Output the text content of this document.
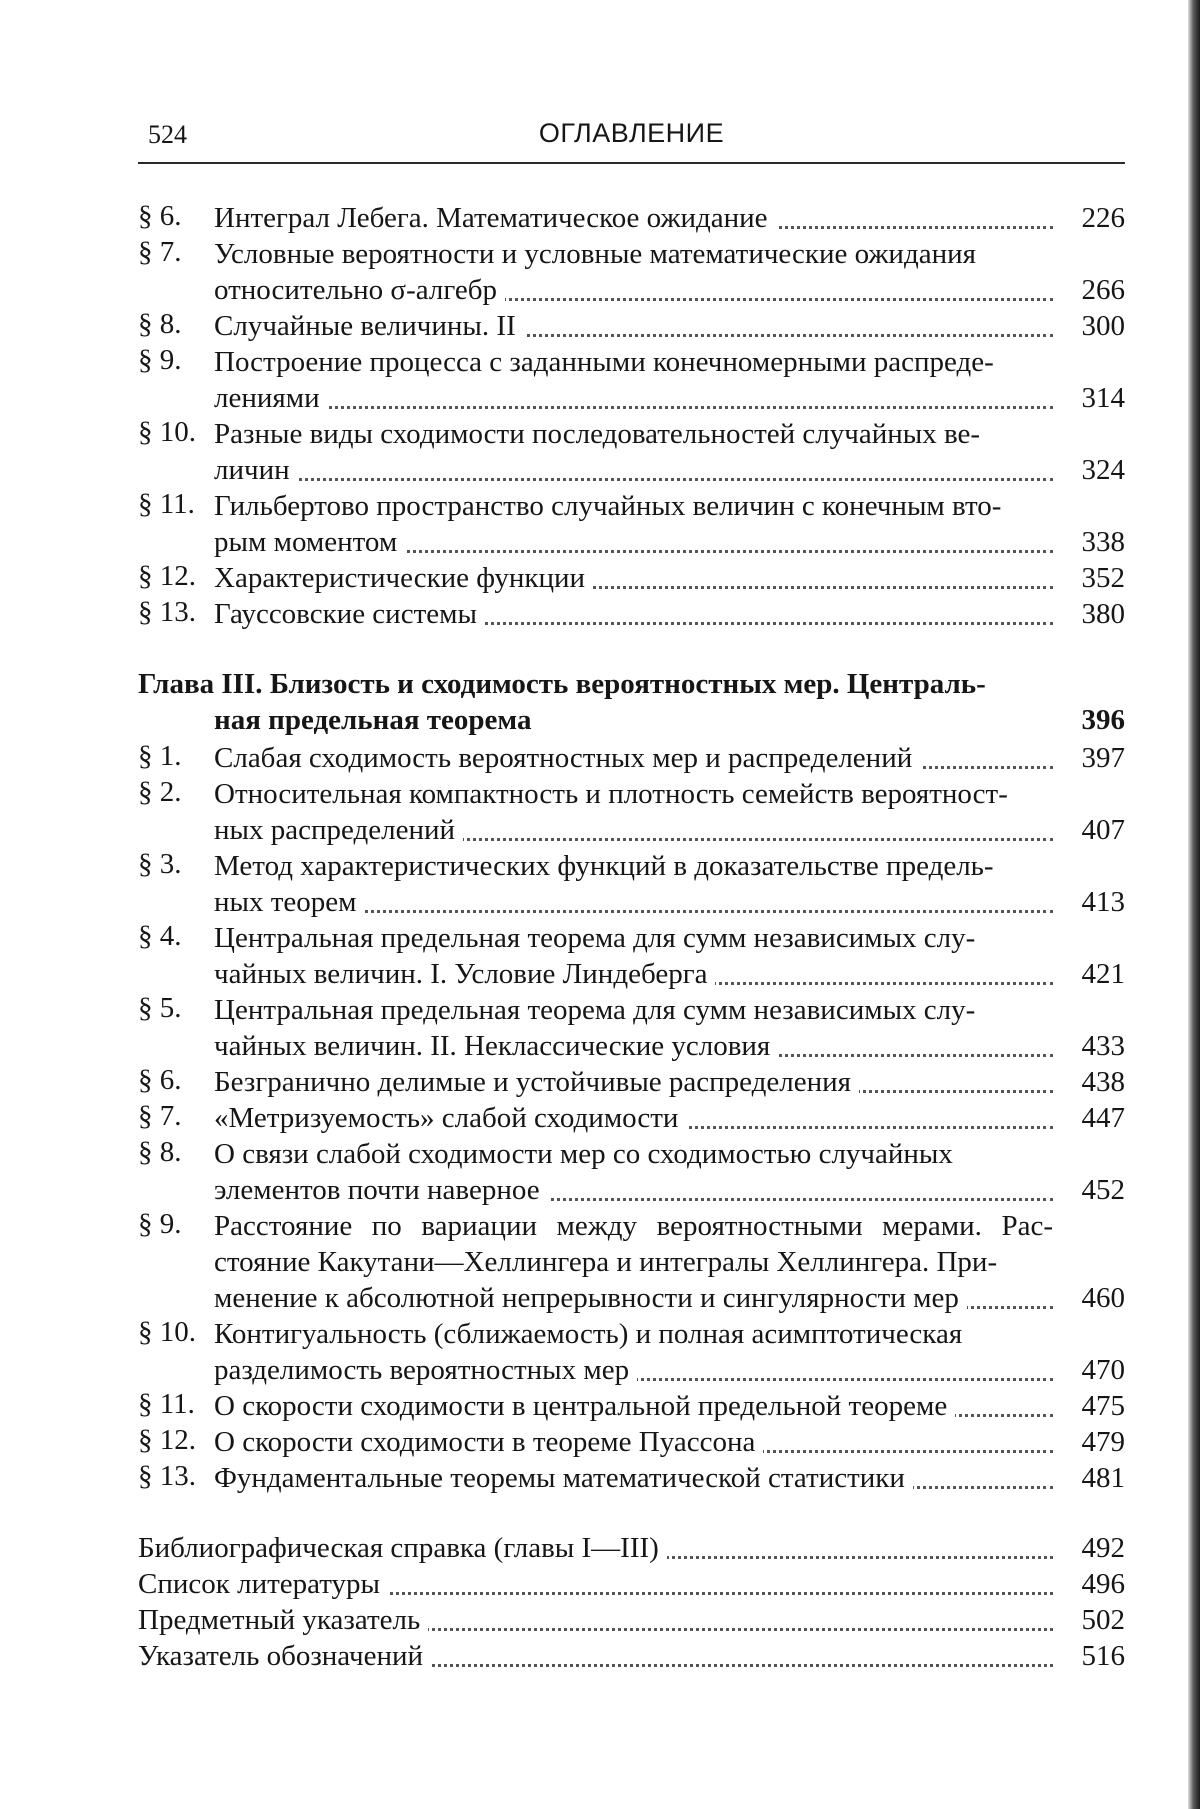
524	ОГЛАВЛЕНИЕ
§ 6. Интеграл Лебега. Математическое ожидание	226
§ 7. Условные вероятности и условные математические ожидания
относительно σ-алгебр	266
§ 8. Случайные величины. II	300
§ 9. Построение процесса с заданными конечномерными распреде-
лениями	314
§ 10. Разные виды сходимости последовательностей случайных ве-
личин	324
§ 11. Гильбертово пространство случайных величин с конечным вто-
рым моментом	338
§ 12. Характеристические функции	352
§ 13. Гауссовские системы	380
Глава III. Близость и сходимость вероятностных мер. Централь-
ная предельная теорема	396
§ 1. Слабая сходимость вероятностных мер и распределений	397
§ 2. Относительная компактность и плотность семейств вероятност-
ных распределений	407
§ 3. Метод характеристических функций в доказательстве предель-
ных теорем	413
§ 4. Центральная предельная теорема для сумм независимых слу-
чайных величин. I. Условие Линдеберга	421
§ 5. Центральная предельная теорема для сумм независимых слу-
чайных величин. II. Неклассические условия	433
§ 6. Безгранично делимые и устойчивые распределения	438
§ 7. «Метризуемость» слабой сходимости	447
§ 8. О связи слабой сходимости мер со сходимостью случайных
элементов почти наверное	452
§ 9. Расстояние по вариации между вероятностными мерами. Рас- стояние Какутани—Хеллингера и интегралы Хеллингера. При-
менение к абсолютной непрерывности и сингулярности мер	460
§ 10. Контигуальность (сближаемость) и полная асимптотическая
разделимость вероятностных мер	470
§ 11. О скорости сходимости в центральной предельной теореме	475
§ 12. О скорости сходимости в теореме Пуассона	479
§ 13. Фундаментальные теоремы математической статистики	481
Библиографическая справка (главы I—III)	492
Список литературы	496
Предметный указатель	502
Указатель обозначений	516
